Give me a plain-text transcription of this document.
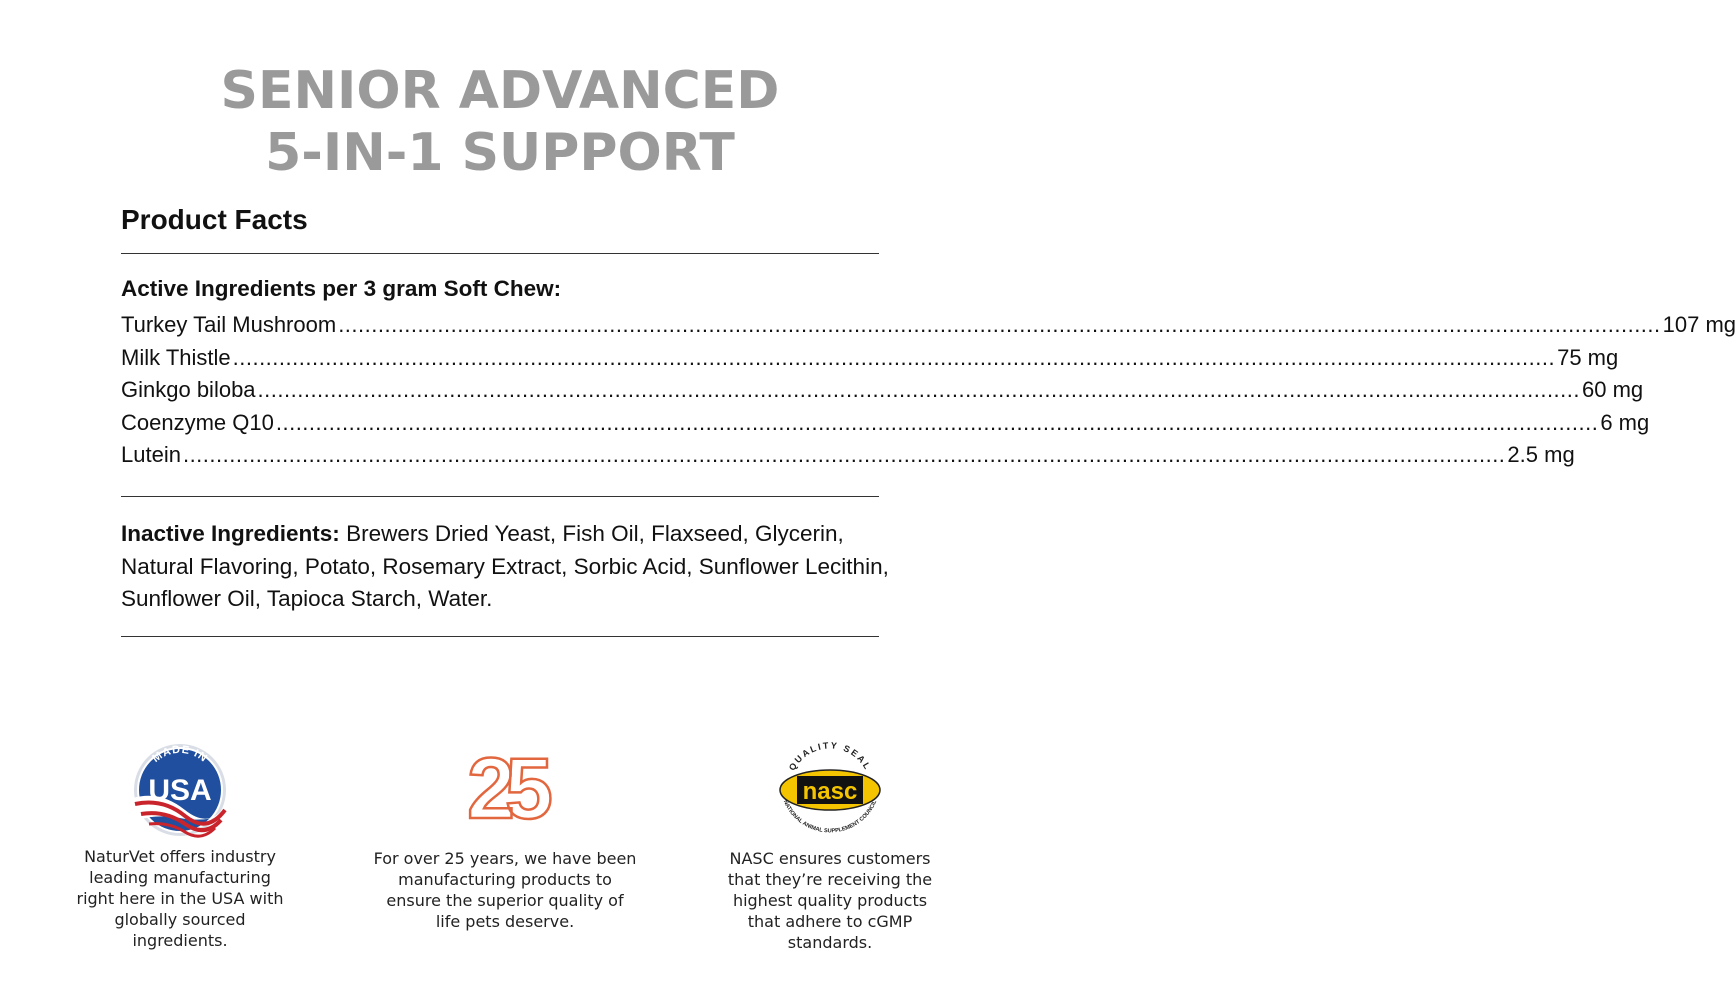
SENIOR ADVANCED
5-IN-1 SUPPORT
Product Facts
Active Ingredients per 3 gram Soft Chew:
Turkey Tail Mushroom ........................................................................................................................................................................................................ 107 mg
Milk Thistle ........................................................................................................................................................................................................ 75 mg
Ginkgo biloba ........................................................................................................................................................................................................ 60 mg
Coenzyme Q10 ........................................................................................................................................................................................................ 6 mg
Lutein ........................................................................................................................................................................................................ 2.5 mg
Inactive Ingredients: Brewers Dried Yeast, Fish Oil, Flaxseed, Glycerin, Natural Flavoring, Potato, Rosemary Extract, Sorbic Acid, Sunflower Lecithin, Sunflower Oil, Tapioca Starch, Water.
MADE IN
USA
NaturVet offers industry
leading manufacturing
right here in the USA with
globally sourced
ingredients.
25
For over 25 years, we have been
manufacturing products to
ensure the superior quality of
life pets deserve.
QUALITY SEAL
nasc
NATIONAL ANIMAL SUPPLEMENT COUNCIL
NASC ensures customers
that they’re receiving the
highest quality products
that adhere to cGMP
standards.
